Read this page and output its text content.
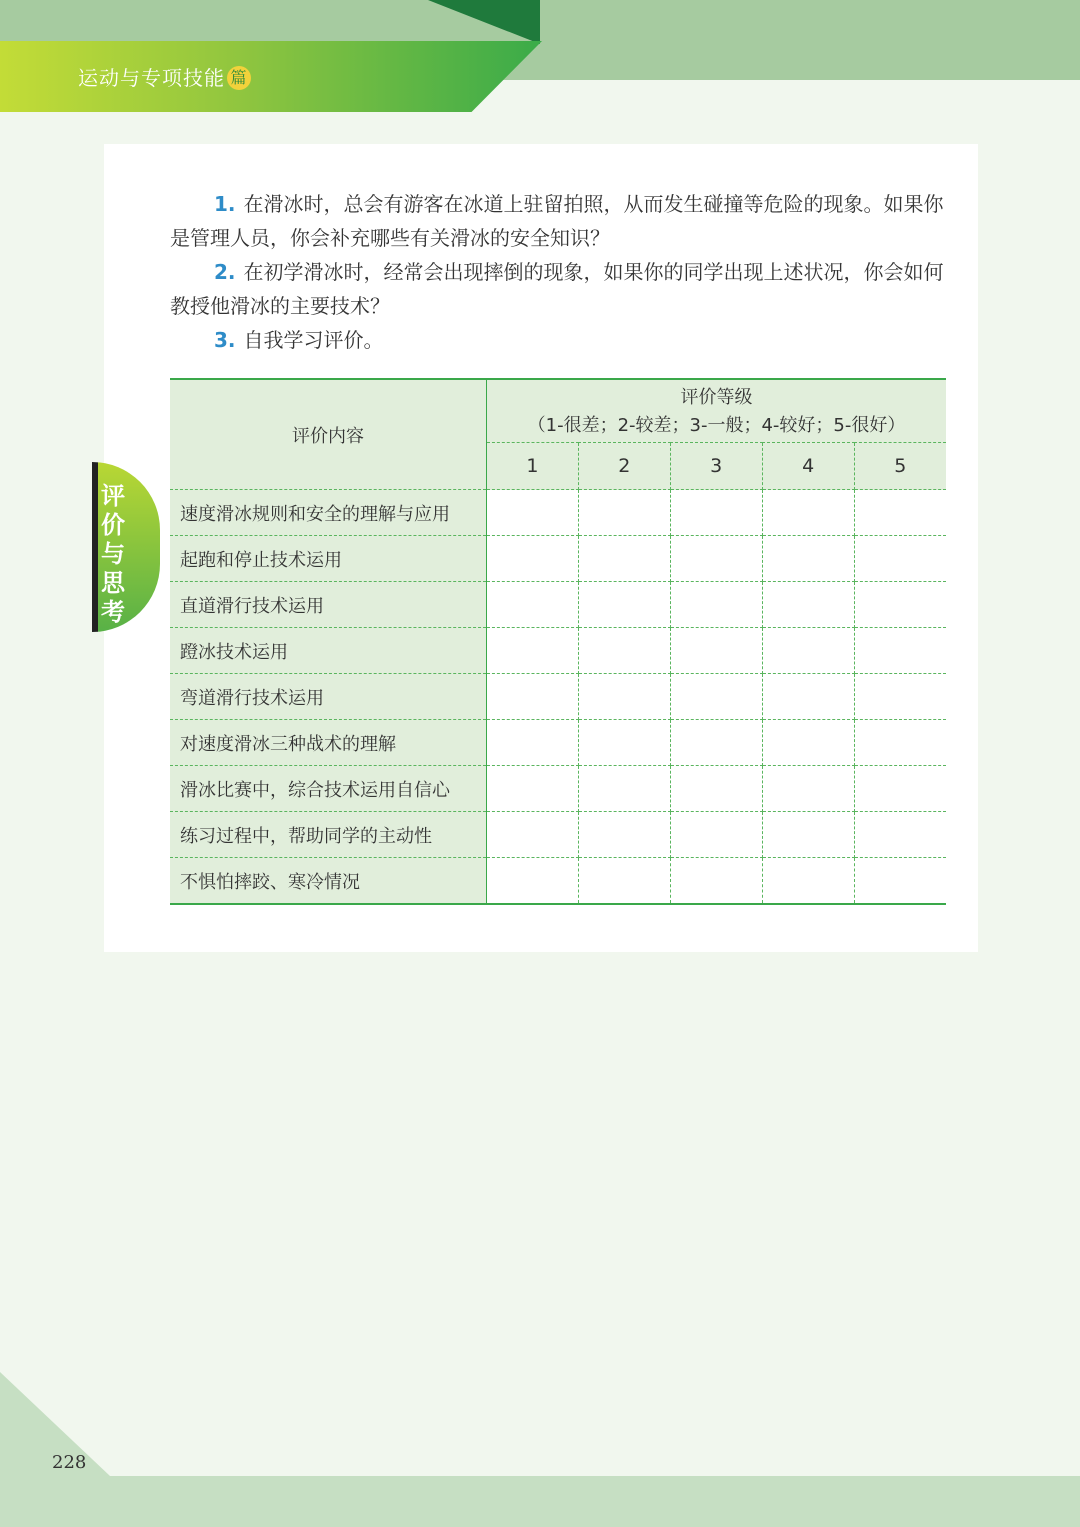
运动与专项技能 篇

1. 在滑冰时，总会有游客在冰道上驻留拍照，从而发生碰撞等危险的现象。如果你是管理人员，你会补充哪些有关滑冰的安全知识？

2. 在初学滑冰时，经常会出现摔倒的现象，如果你的同学出现上述状况，你会如何教授他滑冰的主要技术？

3. 自我学习评价。

评价内容	评价等级
（1-很差；2-较差；3-一般；4-较好；5-很好）				

	1	2	3	4	5
速度滑冰规则和安全的理解与应用					
起跑和停止技术运用					
直道滑行技术运用					
蹬冰技术运用					
弯道滑行技术运用					
对速度滑冰三种战术的理解					
滑冰比赛中，综合技术运用自信心					
练习过程中，帮助同学的主动性					
不惧怕摔跤、寒冷情况					
评价与思考
228
